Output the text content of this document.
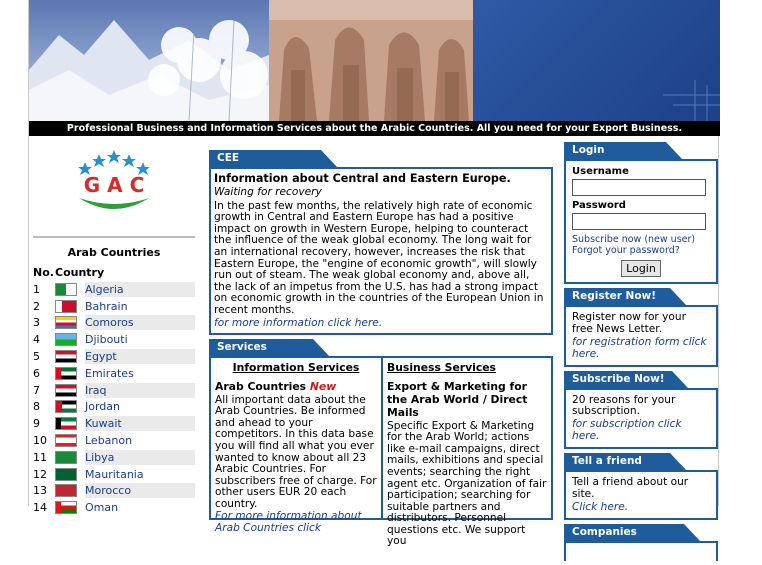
Professional Business and Information Services about the Arabic Countries. All you need for your Export Business.
G A C
Arab Countries
No. Country
1	Algeria
2	Bahrain
3	Comoros
4	Djibouti
5	Egypt
6	Emirates
7	Iraq
8	Jordan
9	Kuwait
10	Lebanon
11	Libya
12	Mauritania
13	Morocco
14	Oman
CEE
Information about Central and Eastern Europe.
Waiting for recovery
In the past few months, the relatively high rate of economic growth in Central and Eastern Europe has had a positive impact on growth in Western Europe, helping to counteract the influence of the weak global economy. The long wait for an international recovery, however, increases the risk that Eastern Europe, the "engine of economic growth", will slowly run out of steam. The weak global economy and, above all, the lack of an impetus from the U.S. has had a strong impact on economic growth in the countries of the European Union in recent months.
for more information click here.
Services
Information Services
Arab Countries New
All important data about the Arab Countries. Be informed and ahead to your competitors. In this data base you will find all what you ever wanted to know about all 23 Arabic Countries. For subscribers free of charge. For other users EUR 20 each country.
For more information about Arab Countries click
Business Services
Export & Marketing for the Arab World / Direct Mails
Specific Export & Marketing for the Arab World; actions like e-mail campaigns, direct mails, exhibitions and special events; searching the right agent etc. Organization of fair participation; searching for suitable partners and distributors. Personnel questions etc. We support you
Login
Username
Password
Subscribe now (new user)
Forgot your password?
Login
Register Now!
Register now for your free News Letter.
for registration form click here.
Subscribe Now!
20 reasons for your subscription.
for subscription click here.
Tell a friend
Tell a friend about our site.
Click here.
Companies Database
